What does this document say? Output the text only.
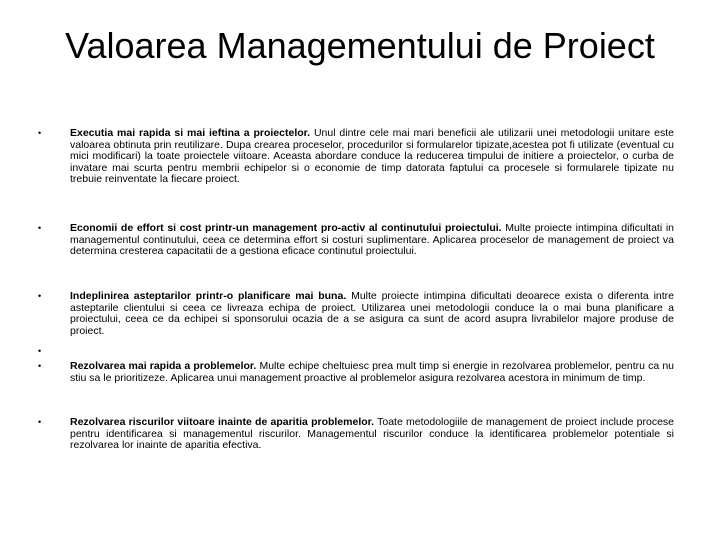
Valoarea Managementului de Proiect
•	Executia mai rapida si mai ieftina a proiectelor. Unul dintre cele mai mari beneficii ale utilizarii unei metodologii unitare este valoarea obtinuta prin reutilizare. Dupa crearea proceselor, procedurilor si formularelor tipizate,acestea pot fi utilizate (eventual cu mici modificari) la toate proiectele viitoare. Aceasta abordare conduce la reducerea timpului de initiere a proiectelor, o curba de invatare mai scurta pentru membrii echipelor si o economie de timp datorata faptului ca procesele si formularele tipizate nu trebuie reinventate la fiecare proiect.
•	Economii de effort si cost printr-un management pro-activ al continutului proiectului. Multe proiecte intimpina dificultati in managementul continutului, ceea ce determina effort si costuri suplimentare. Aplicarea proceselor de management de proiect va determina cresterea capacitatii de a gestiona eficace continutul proiectului.
•	Indeplinirea asteptarilor printr-o planificare mai buna. Multe proiecte intimpina dificultati deoarece exista o diferenta intre asteptarile clientului si ceea ce livreaza echipa de proiect. Utilizarea unei metodologii conduce la o mai buna planificare a proiectului, ceea ce da echipei si sponsorului ocazia de a se asigura ca sunt de acord asupra livrabilelor majore produse de proiect.
•
•	Rezolvarea mai rapida a problemelor. Multe echipe cheltuiesc prea mult timp si energie in rezolvarea problemelor, pentru ca nu stiu sa le prioritizeze. Aplicarea unui management proactive al problemelor asigura rezolvarea acestora in minimum de timp.
•	Rezolvarea riscurilor viitoare inainte de aparitia problemelor. Toate metodologiile de management de proiect include procese pentru identificarea si managementul riscurilor. Managementul riscurilor conduce la identificarea problemelor potentiale si rezolvarea lor inainte de aparitia efectiva.
